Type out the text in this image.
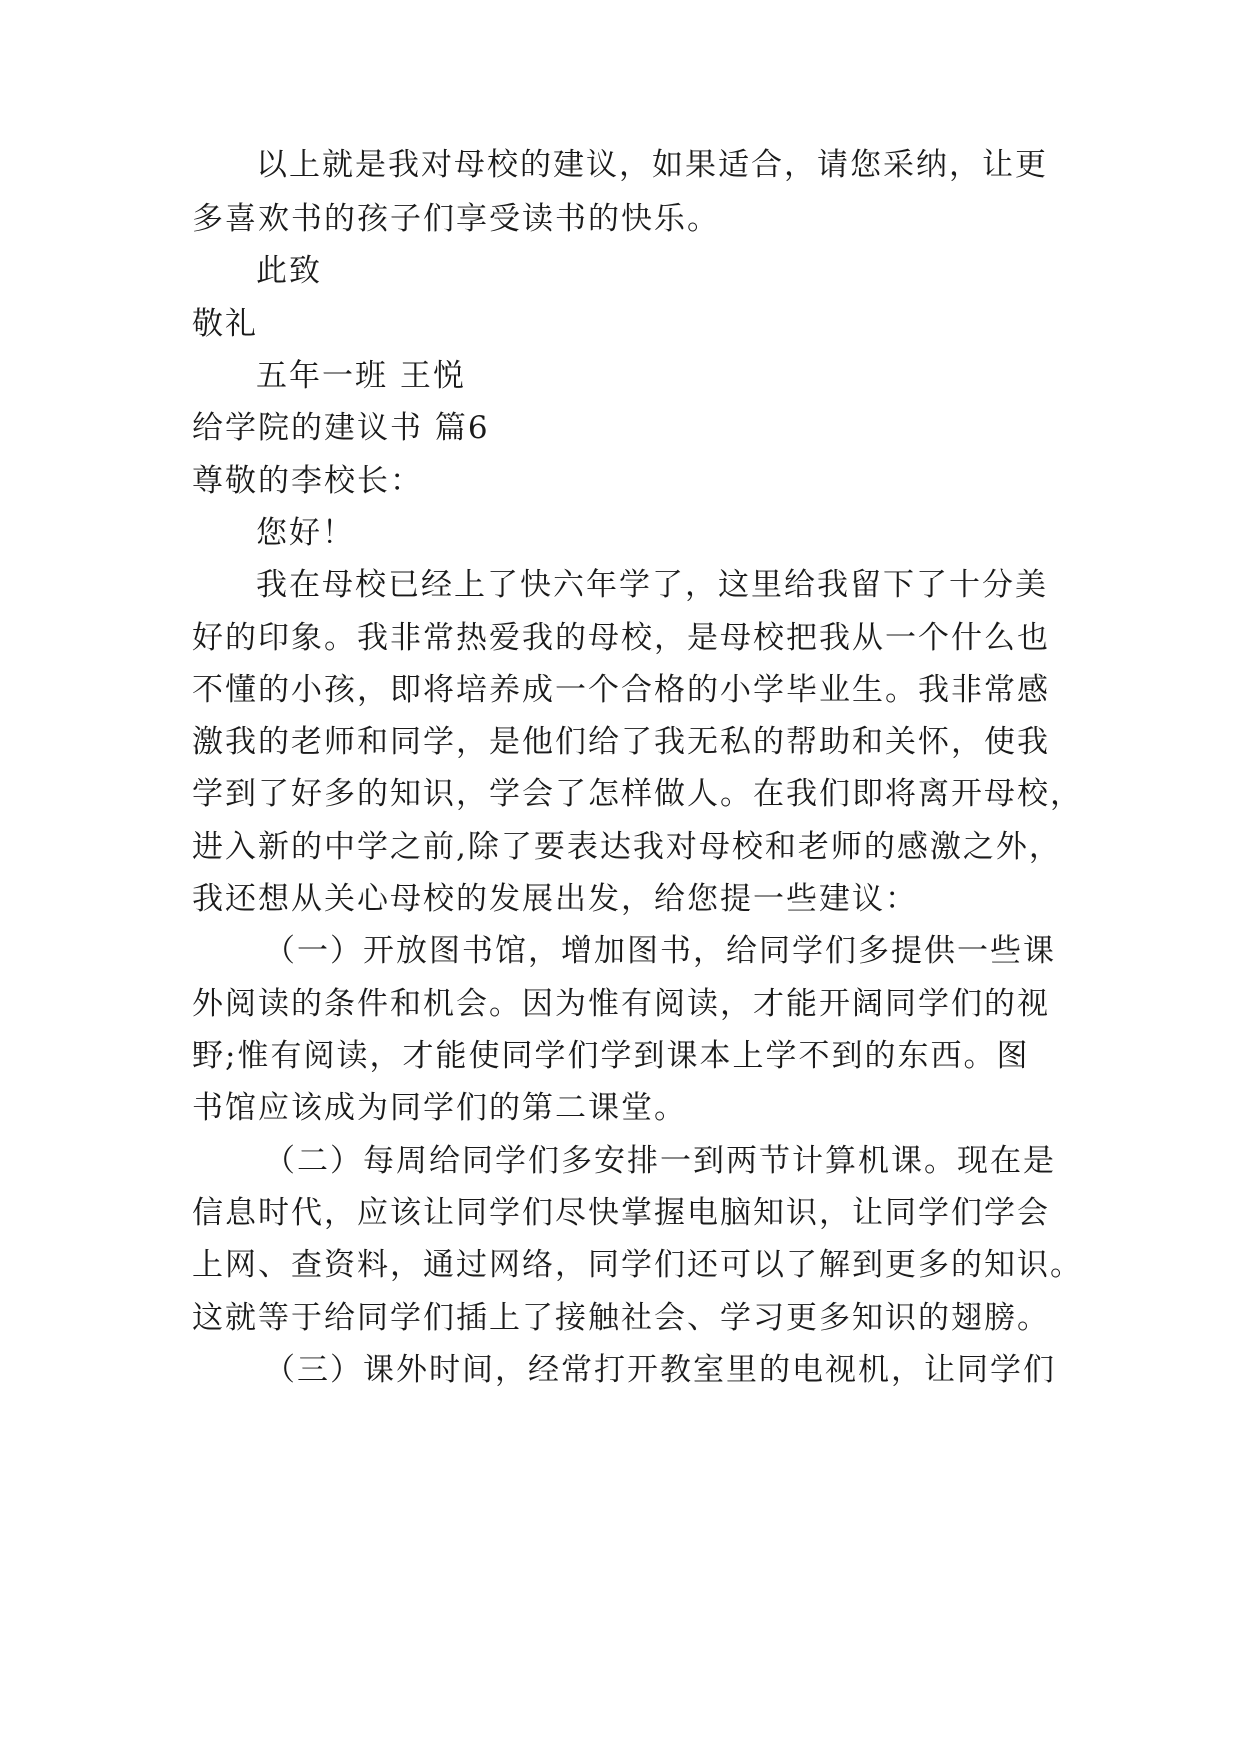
以上就是我对母校的建议，如果适合，请您采纳，让更
多喜欢书的孩子们享受读书的快乐。
此致
敬礼
五年一班 王悦
给学院的建议书 篇6
尊敬的李校长：
您好！
我在母校已经上了快六年学了，这里给我留下了十分美
好的印象。我非常热爱我的母校，是母校把我从一个什么也
不懂的小孩，即将培养成一个合格的小学毕业生。我非常感
激我的老师和同学，是他们给了我无私的帮助和关怀，使我
学到了好多的知识，学会了怎样做人。在我们即将离开母校，
进入新的中学之前,除了要表达我对母校和老师的感激之外，
我还想从关心母校的发展出发，给您提一些建议：
（一）开放图书馆，增加图书，给同学们多提供一些课
外阅读的条件和机会。因为惟有阅读，才能开阔同学们的视
野;惟有阅读，才能使同学们学到课本上学不到的东西。图
书馆应该成为同学们的第二课堂。
（二）每周给同学们多安排一到两节计算机课。现在是
信息时代，应该让同学们尽快掌握电脑知识，让同学们学会
上网、查资料，通过网络，同学们还可以了解到更多的知识。
这就等于给同学们插上了接触社会、学习更多知识的翅膀。
（三）课外时间，经常打开教室里的电视机，让同学们
